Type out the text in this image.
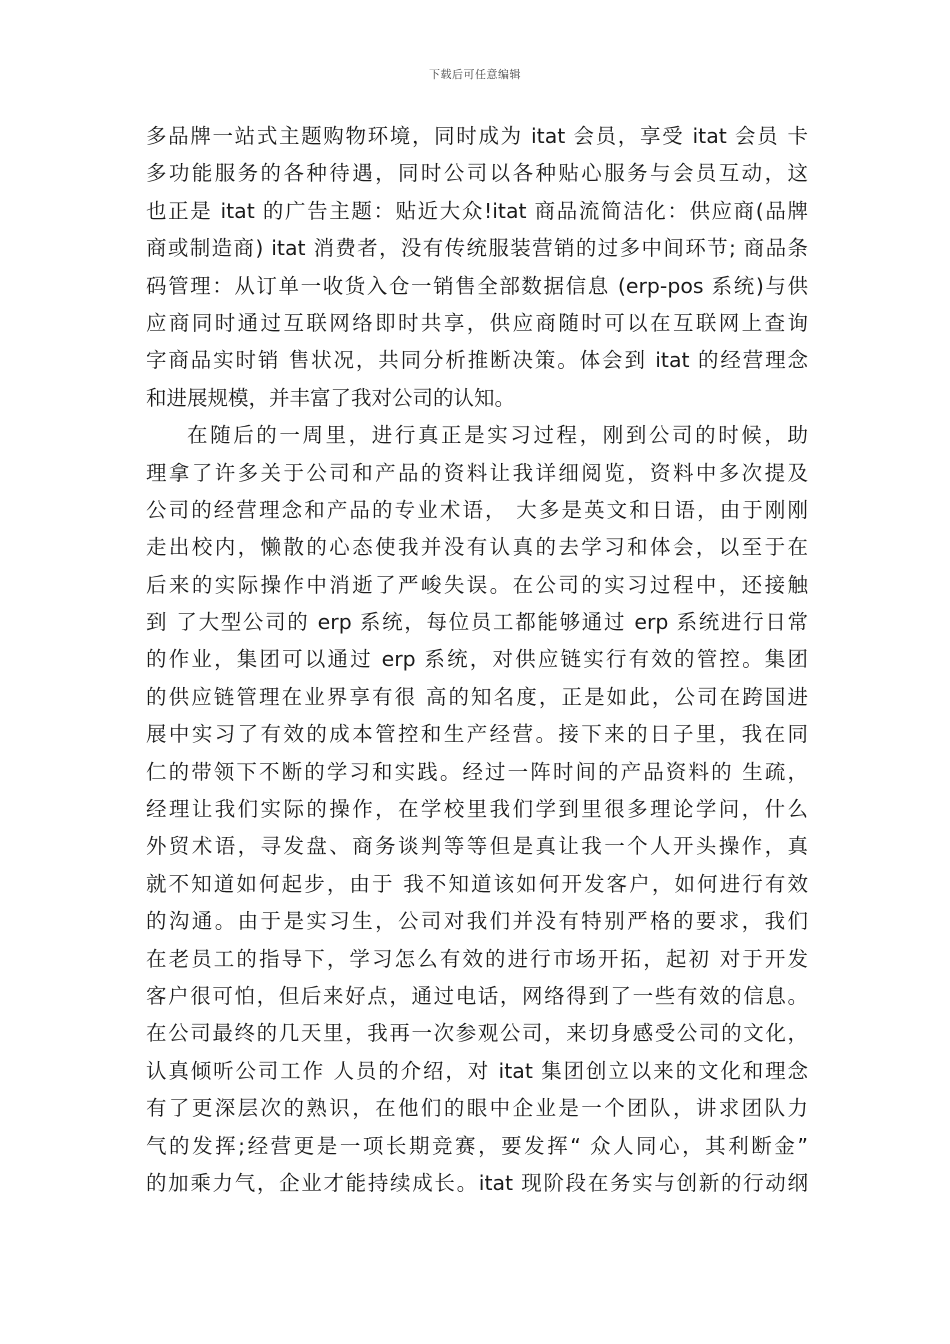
下载后可任意编辑
多品牌一站式主题购物环境，同时成为 itat 会员，享受 itat 会员 卡
多功能服务的各种待遇，同时公司以各种贴心服务与会员互动，这
也正是 itat 的广告主题：贴近大众!itat 商品流简洁化：供应商(品牌
商或制造商) itat 消费者，没有传统服装营销的过多中间环节; 商品条
码管理：从订单一收货入仓一销售全部数据信息 (erp-pos 系统)与供
应商同时通过互联网络即时共享，供应商随时可以在互联网上查询
字商品实时销 售状况，共同分析推断决策。体会到 itat 的经营理念
和进展规模，并丰富了我对公司的认知。
在随后的一周里，进行真正是实习过程，刚到公司的时候，助
理拿了许多关于公司和产品的资料让我详细阅览，资料中多次提及
公司的经营理念和产品的专业术语， 大多是英文和日语，由于刚刚
走出校内，懒散的心态使我并没有认真的去学习和体会，以至于在
后来的实际操作中消逝了严峻失误。在公司的实习过程中，还接触
到 了大型公司的 erp 系统，每位员工都能够通过 erp 系统进行日常
的作业，集团可以通过 erp 系统，对供应链实行有效的管控。集团
的供应链管理在业界享有很 高的知名度，正是如此，公司在跨国进
展中实习了有效的成本管控和生产经营。接下来的日子里，我在同
仁的带领下不断的学习和实践。经过一阵时间的产品资料的 生疏，
经理让我们实际的操作，在学校里我们学到里很多理论学问，什么
外贸术语，寻发盘、商务谈判等等但是真让我一个人开头操作，真
就不知道如何起步，由于 我不知道该如何开发客户，如何进行有效
的沟通。由于是实习生，公司对我们并没有特别严格的要求，我们
在老员工的指导下，学习怎么有效的进行市场开拓，起初 对于开发
客户很可怕，但后来好点，通过电话，网络得到了一些有效的信息。
在公司最终的几天里，我再一次参观公司，来切身感受公司的文化，
认真倾听公司工作 人员的介绍，对 itat 集团创立以来的文化和理念
有了更深层次的熟识，在他们的眼中企业是一个团队，讲求团队力
气的发挥;经营更是一项长期竞赛，要发挥“ 众人同心，其利断金”
的加乘力气，企业才能持续成长。itat 现阶段在务实与创新的行动纲
